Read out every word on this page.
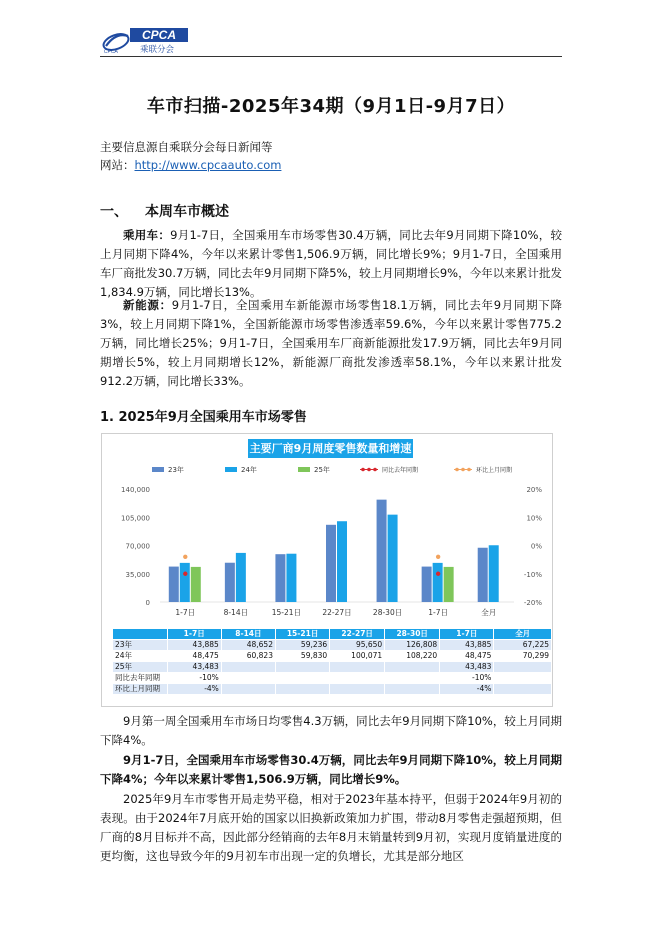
CPCA
乘联分会
CPCA
车市扫描-2025年34期（9月1日-9月7日）
主要信息源自乘联分会每日新闻等
网站：http://www.cpcaauto.com
一、 本周车市概述
乘用车：9月1-7日，全国乘用车市场零售30.4万辆，同比去年9月同期下降10%，较上月同期下降4%，今年以来累计零售1,506.9万辆，同比增长9%；9月1-7日，全国乘用车厂商批发30.7万辆，同比去年9月同期下降5%，较上月同期增长9%，今年以来累计批发1,834.9万辆，同比增长13%。
新能源：9月1-7日，全国乘用车新能源市场零售18.1万辆，同比去年9月同期下降3%，较上月同期下降1%，全国新能源市场零售渗透率59.6%，今年以来累计零售775.2万辆，同比增长25%；9月1-7日，全国乘用车厂商新能源批发17.9万辆，同比去年9月同期增长5%，较上月同期增长12%，新能源厂商批发渗透率58.1%，今年以来累计批发912.2万辆，同比增长33%。
1. 2025年9月全国乘用车市场零售
主要厂商9月周度零售数量和增速
23年	24年	25年	同比去年同期	环比上月同期
140,000
105,000
70,000
35,000
0
20%
10%
0%
-10%
-20%
1-7日	8-14日	15-21日	22-27日	28-30日	1-7日	全月
	1-7日	8-14日	15-21日	22-27日	28-30日	1-7日	全月
23年	43,885	48,652	59,236	95,650	126,808	43,885	67,225
24年	48,475	60,823	59,830	100,071	108,220	48,475	70,299
25年	43,483					43,483	
同比去年同期	-10%					-10%	
环比上月同期	-4%					-4%	
9月第一周全国乘用车市场日均零售4.3万辆，同比去年9月同期下降10%，较上月同期下降4%。
9月1-7日，全国乘用车市场零售30.4万辆，同比去年9月同期下降10%，较上月同期下降4%；今年以来累计零售1,506.9万辆，同比增长9%。
2025年9月车市零售开局走势平稳，相对于2023年基本持平，但弱于2024年9月初的表现。由于2024年7月底开始的国家以旧换新政策加力扩围，带动8月零售走强超预期，但厂商的8月目标并不高，因此部分经销商的去年8月末销量转到9月初，实现月度销量进度的更均衡，这也导致今年的9月初车市出现一定的负增长，尤其是部分地区
